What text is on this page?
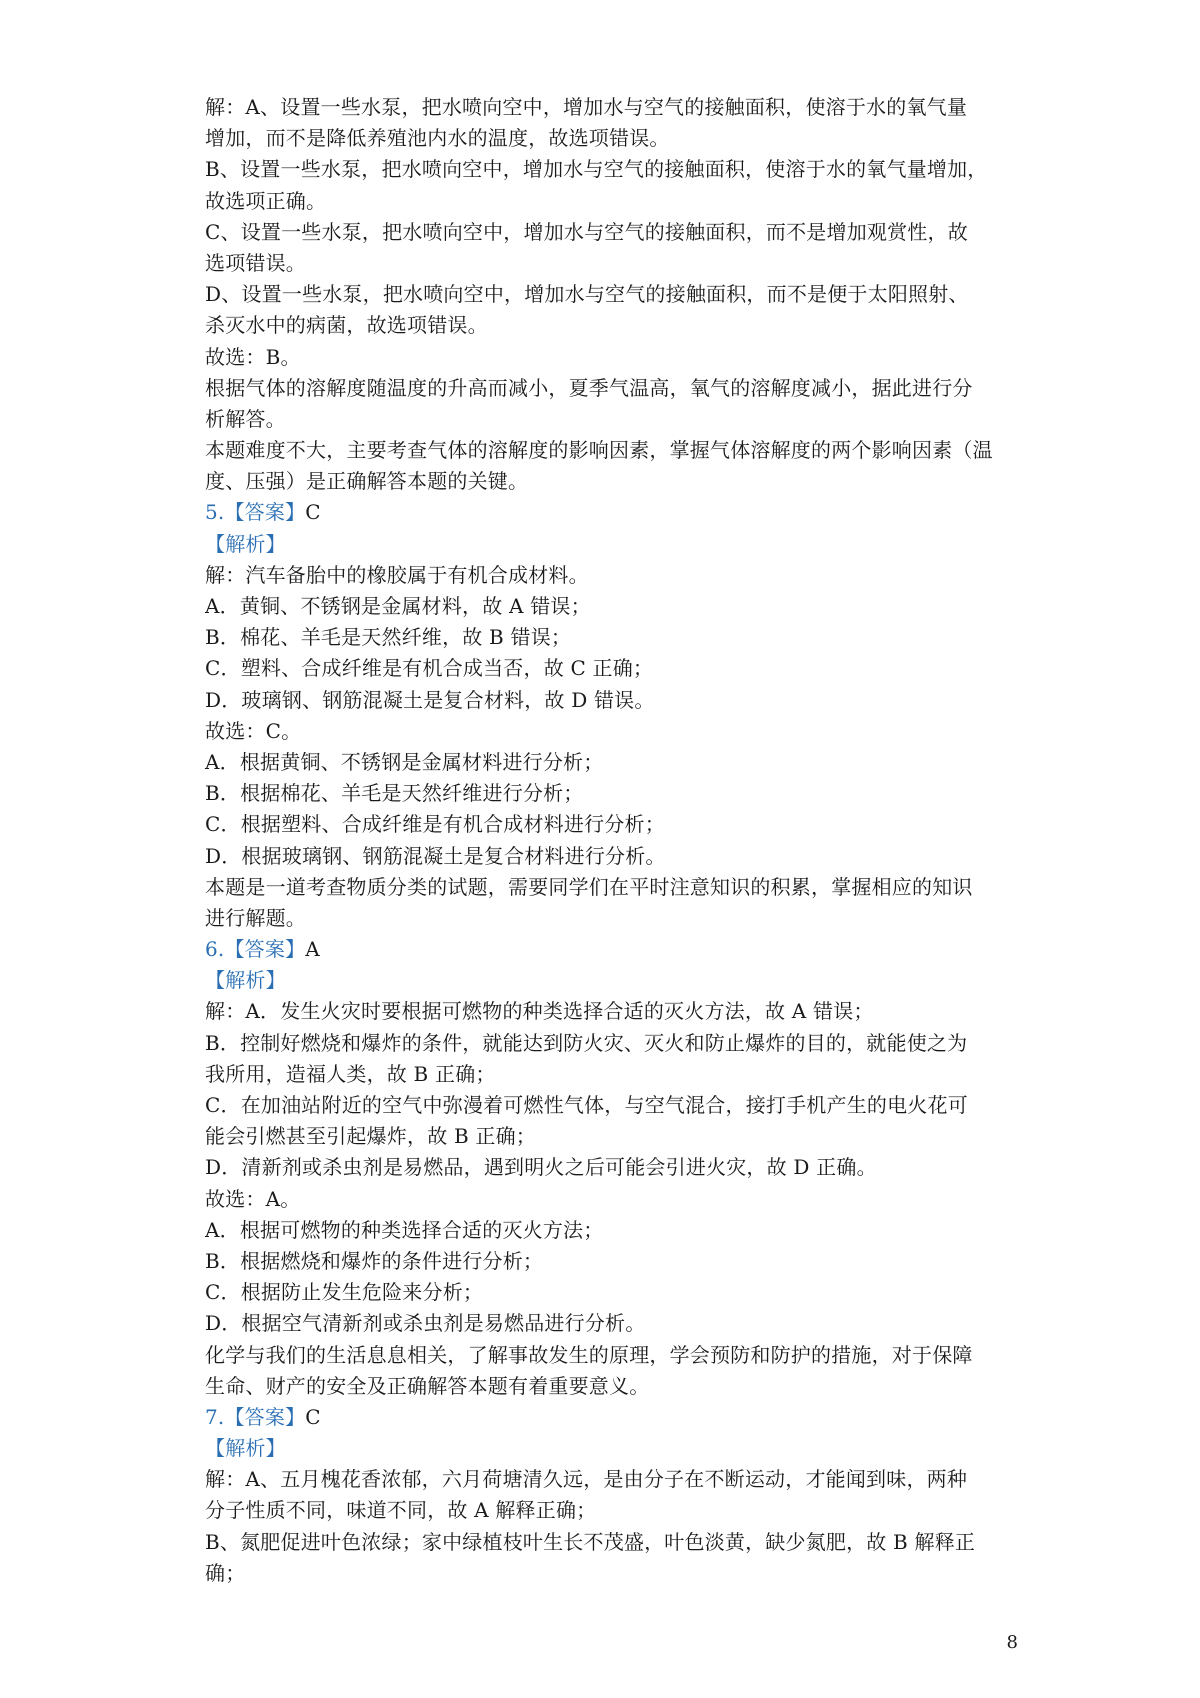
解：A、设置一些水泵，把水喷向空中，增加水与空气的接触面积，使溶于水的氧气量
增加，而不是降低养殖池内水的温度，故选项错误。
B、设置一些水泵，把水喷向空中，增加水与空气的接触面积，使溶于水的氧气量增加，
故选项正确。
C、设置一些水泵，把水喷向空中，增加水与空气的接触面积，而不是增加观赏性，故
选项错误。
D、设置一些水泵，把水喷向空中，增加水与空气的接触面积，而不是便于太阳照射、
杀灭水中的病菌，故选项错误。
故选：B。
根据气体的溶解度随温度的升高而减小，夏季气温高，氧气的溶解度减小，据此进行分
析解答。
本题难度不大，主要考查气体的溶解度的影响因素，掌握气体溶解度的两个影响因素（温
度、压强）是正确解答本题的关键。
5.【答案】C
【解析】
解：汽车备胎中的橡胶属于有机合成材料。
A．黄铜、不锈钢是金属材料，故 A 错误；
B．棉花、羊毛是天然纤维，故 B 错误；
C．塑料、合成纤维是有机合成当否，故 C 正确；
D．玻璃钢、钢筋混凝土是复合材料，故 D 错误。
故选：C。
A．根据黄铜、不锈钢是金属材料进行分析；
B．根据棉花、羊毛是天然纤维进行分析；
C．根据塑料、合成纤维是有机合成材料进行分析；
D．根据玻璃钢、钢筋混凝土是复合材料进行分析。
本题是一道考查物质分类的试题，需要同学们在平时注意知识的积累，掌握相应的知识
进行解题。
6.【答案】A
【解析】
解：A．发生火灾时要根据可燃物的种类选择合适的灭火方法，故 A 错误；
B．控制好燃烧和爆炸的条件，就能达到防火灾、灭火和防止爆炸的目的，就能使之为
我所用，造福人类，故 B 正确；
C．在加油站附近的空气中弥漫着可燃性气体，与空气混合，接打手机产生的电火花可
能会引燃甚至引起爆炸，故 B 正确；
D．清新剂或杀虫剂是易燃品，遇到明火之后可能会引进火灾，故 D 正确。
故选：A。
A．根据可燃物的种类选择合适的灭火方法；
B．根据燃烧和爆炸的条件进行分析；
C．根据防止发生危险来分析；
D．根据空气清新剂或杀虫剂是易燃品进行分析。
化学与我们的生活息息相关，了解事故发生的原理，学会预防和防护的措施，对于保障
生命、财产的安全及正确解答本题有着重要意义。
7.【答案】C
【解析】
解：A、五月槐花香浓郁，六月荷塘清久远，是由分子在不断运动，才能闻到味，两种
分子性质不同，味道不同，故 A 解释正确；
B、氮肥促进叶色浓绿；家中绿植枝叶生长不茂盛，叶色淡黄，缺少氮肥，故 B 解释正
确；
8
